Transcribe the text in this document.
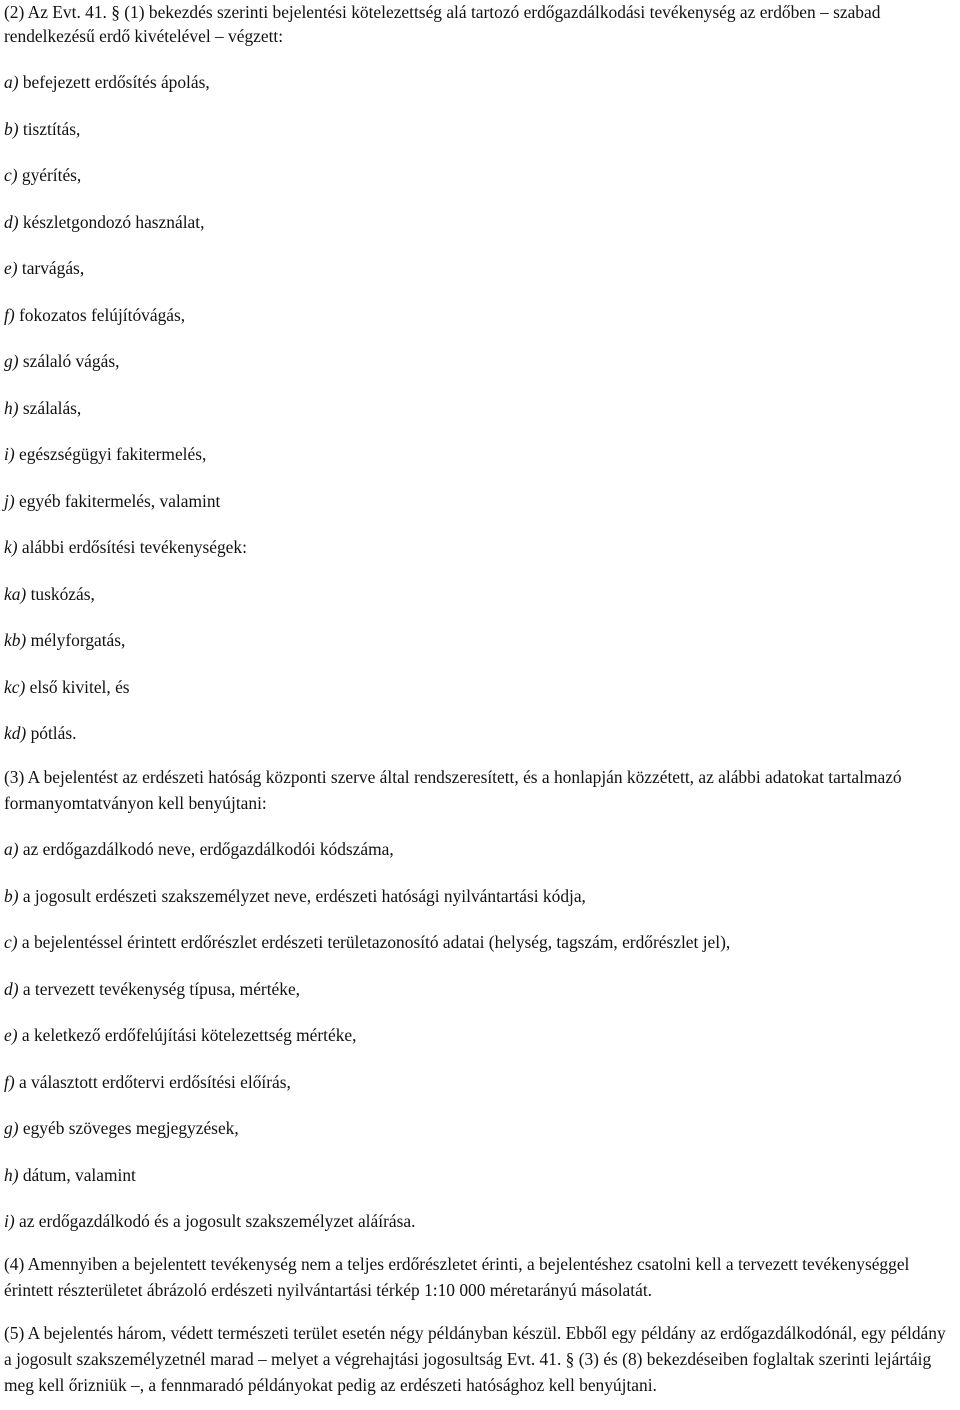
(2) Az Evt. 41. § (1) bekezdés szerinti bejelentési kötelezettség alá tartozó erdőgazdálkodási tevékenység az erdőben – szabad rendelkezésű erdő kivételével – végzett:

a) befejezett erdősítés ápolás,

b) tisztítás,

c) gyérítés,

d) készletgondozó használat,

e) tarvágás,

f) fokozatos felújítóvágás,

g) szálaló vágás,

h) szálalás,

i) egészségügyi fakitermelés,

j) egyéb fakitermelés, valamint

k) alábbi erdősítési tevékenységek:

ka) tuskózás,

kb) mélyforgatás,

kc) első kivitel, és

kd) pótlás.

(3) A bejelentést az erdészeti hatóság központi szerve által rendszeresített, és a honlapján közzétett, az alábbi adatokat tartalmazó formanyomtatványon kell benyújtani:

a) az erdőgazdálkodó neve, erdőgazdálkodói kódszáma,

b) a jogosult erdészeti szakszemélyzet neve, erdészeti hatósági nyilvántartási kódja,

c) a bejelentéssel érintett erdőrészlet erdészeti területazonosító adatai (helység, tagszám, erdőrészlet jel),

d) a tervezett tevékenység típusa, mértéke,

e) a keletkező erdőfelújítási kötelezettség mértéke,

f) a választott erdőtervi erdősítési előírás,

g) egyéb szöveges megjegyzések,

h) dátum, valamint

i) az erdőgazdálkodó és a jogosult szakszemélyzet aláírása.

(4) Amennyiben a bejelentett tevékenység nem a teljes erdőrészletet érinti, a bejelentéshez csatolni kell a tervezett tevékenységgel érintett részterületet ábrázoló erdészeti nyilvántartási térkép 1:10 000 méretarányú másolatát.

(5) A bejelentés három, védett természeti terület esetén négy példányban készül. Ebből egy példány az erdőgazdálkodónál, egy példány a jogosult szakszemélyzetnél marad – melyet a végrehajtási jogosultság Evt. 41. § (3) és (8) bekezdéseiben foglaltak szerinti lejártáig meg kell őrizniük –, a fennmaradó példányokat pedig az erdészeti hatósághoz kell benyújtani.
